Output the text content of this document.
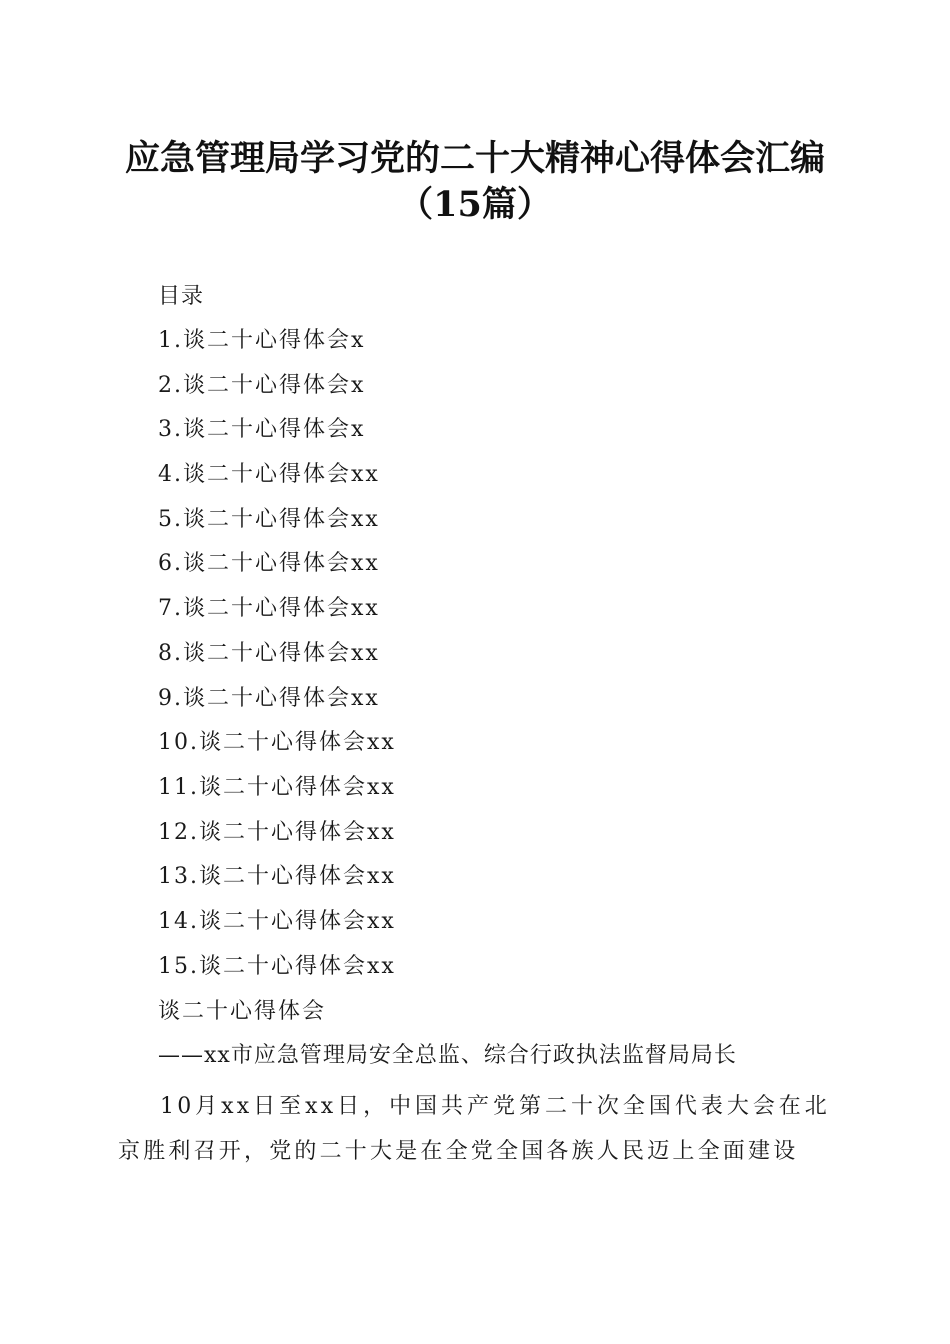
应急管理局学习党的二十大精神心得体会汇编
（15篇）
目录
1.谈二十心得体会x
2.谈二十心得体会x
3.谈二十心得体会x
4.谈二十心得体会xx
5.谈二十心得体会xx
6.谈二十心得体会xx
7.谈二十心得体会xx
8.谈二十心得体会xx
9.谈二十心得体会xx
10.谈二十心得体会xx
11.谈二十心得体会xx
12.谈二十心得体会xx
13.谈二十心得体会xx
14.谈二十心得体会xx
15.谈二十心得体会xx
谈二十心得体会
——xx市应急管理局安全总监、综合行政执法监督局局长

10月xx日至xx日，中国共产党第二十次全国代表大会在北京胜利召开，党的二十大是在全党全国各族人民迈上全面建设
